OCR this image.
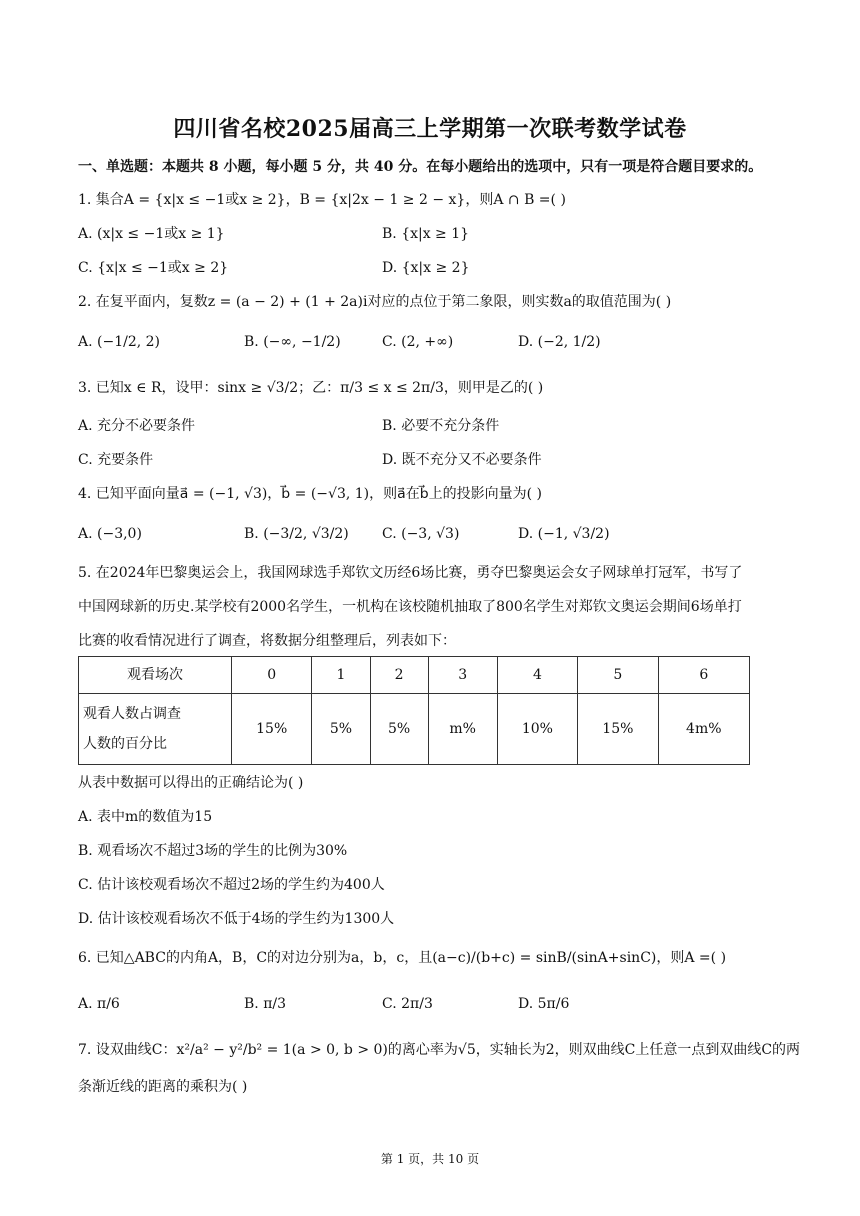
四川省名校2025届高三上学期第一次联考数学试卷
一、单选题：本题共 8 小题，每小题 5 分，共 40 分。在每小题给出的选项中，只有一项是符合题目要求的。
1. 集合A = {x|x ≤ −1或x ≥ 2}，B = {x|2x − 1 ≥ 2 − x}，则A ∩ B =( )
A. (x|x ≤ −1或x ≥ 1}	B. {x|x ≥ 1}
C. {x|x ≤ −1或x ≥ 2}	D. {x|x ≥ 2}
2. 在复平面内，复数z = (a − 2) + (1 + 2a)i对应的点位于第二象限，则实数a的取值范围为( )
A. (−1/2, 2)	B. (−∞, −1/2)	C. (2, +∞)	D. (−2, 1/2)
3. 已知x ∈ R，设甲：sinx ≥ √3/2；乙：π/3 ≤ x ≤ 2π/3，则甲是乙的( )
A. 充分不必要条件	B. 必要不充分条件
C. 充要条件	D. 既不充分又不必要条件
4. 已知平面向量a⃗ = (−1, √3)，b⃗ = (−√3, 1)，则a⃗在b⃗上的投影向量为( )
A. (−3,0)	B. (−3/2, √3/2) C. (−3, √3)	D. (−1, √3/2)
5. 在2024年巴黎奥运会上，我国网球选手郑钦文历经6场比赛，勇夺巴黎奥运会女子网球单打冠军，书写了
中国网球新的历史.某学校有2000名学生，一机构在该校随机抽取了800名学生对郑钦文奥运会期间6场单打
比赛的收看情况进行了调查，将数据分组整理后，列表如下：
观看场次	0	1	2	3	4	5	6

观看人数占调查
人数的百分比	15%	5%	5%	m%	10%	15%	4m%
从表中数据可以得出的正确结论为( )
A. 表中m的数值为15
B. 观看场次不超过3场的学生的比例为30%
C. 估计该校观看场次不超过2场的学生约为400人
D. 估计该校观看场次不低于4场的学生约为1300人
6. 已知△ABC的内角A，B，C的对边分别为a，b，c，且(a−c)/(b+c) = sinB/(sinA+sinC)，则A =( )
A. π/6	B. π/3	C. 2π/3	D. 5π/6
7. 设双曲线C：x²/a² − y²/b² = 1(a > 0, b > 0)的离心率为√5，实轴长为2，则双曲线C上任意一点到双曲线C的两
条渐近线的距离的乘积为( )
第 1 页，共 10 页
